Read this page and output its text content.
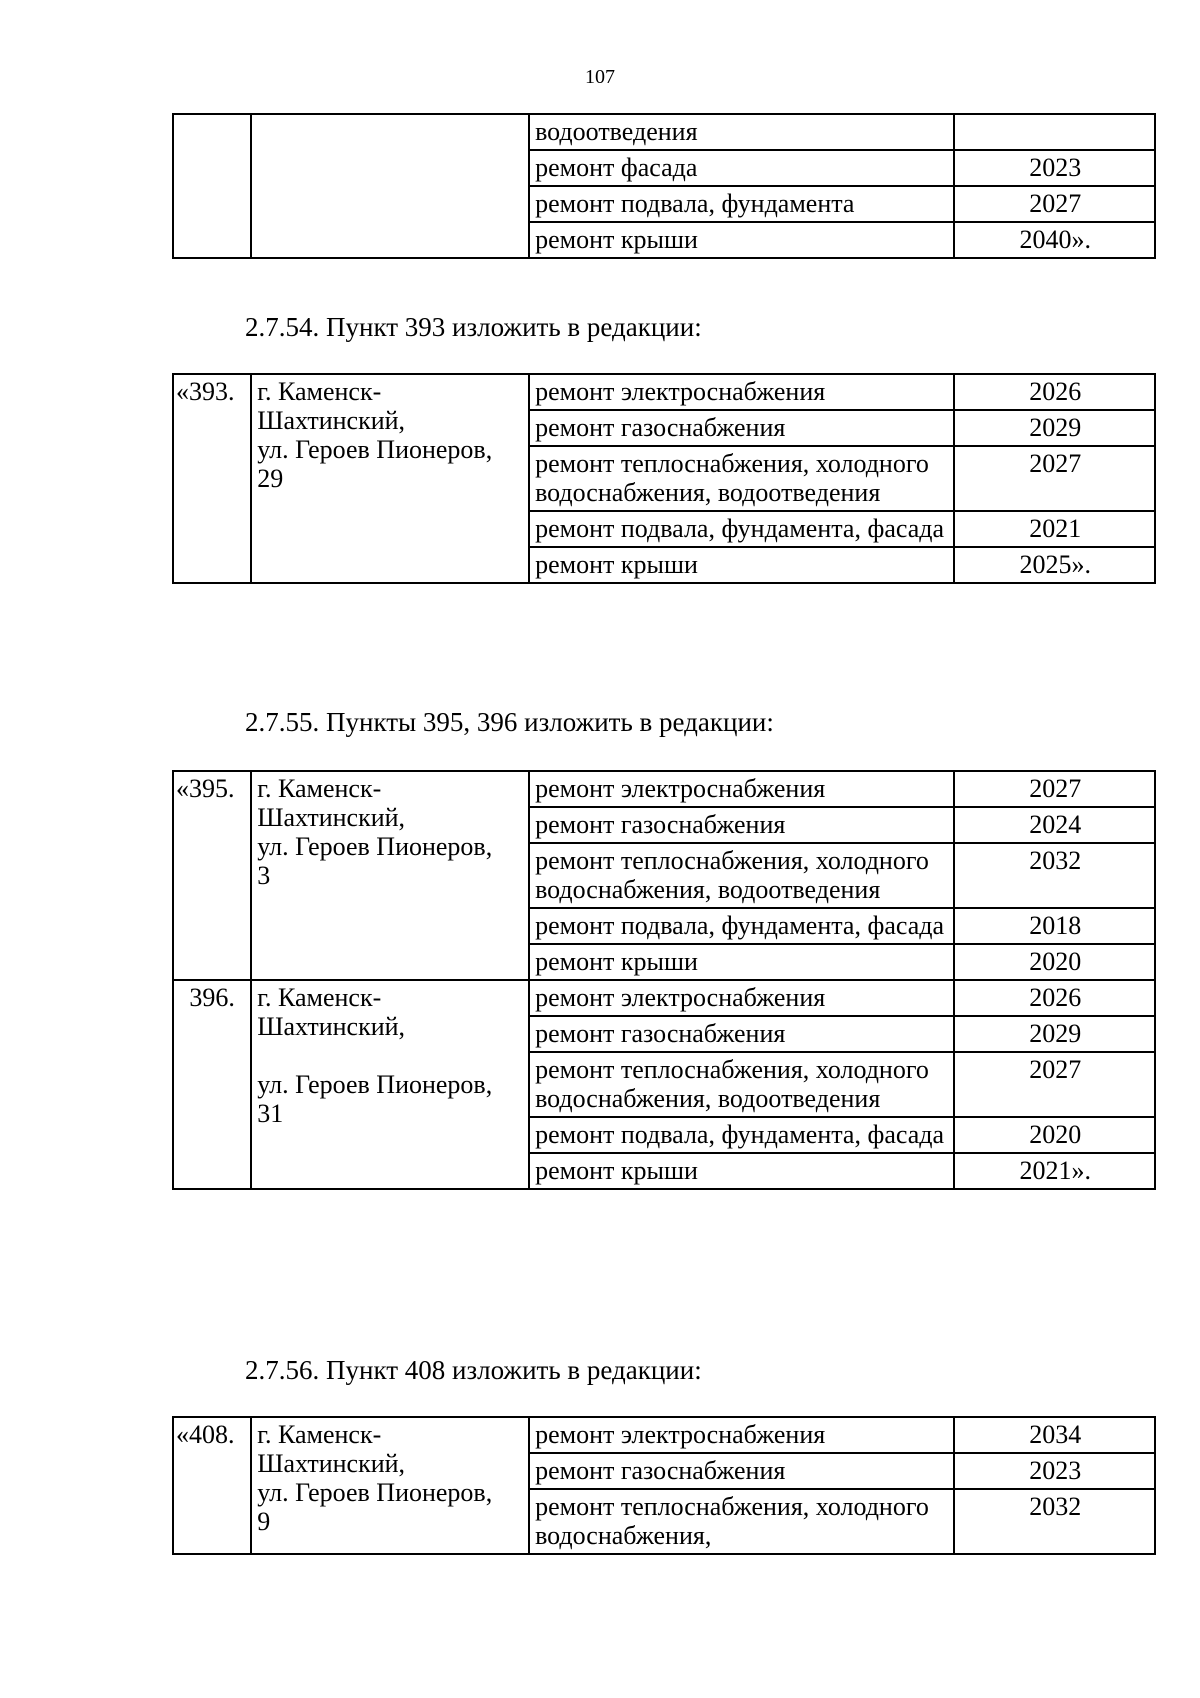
107
		водоотведения	
		ремонт фасада	2023
		ремонт подвала, фундамента	2027
		ремонт крыши	2040».
2.7.54. Пункт 393 изложить в редакции:
«393.	г. Каменск-
Шахтинский,
ул. Героев Пионеров,
29	ремонт электроснабжения	2026
		ремонт газоснабжения	2029
		ремонт теплоснабжения, холодного водоснабжения, водоотведения	2027
		ремонт подвала, фундамента, фасада	2021
		ремонт крыши	2025».
2.7.55. Пункты 395, 396 изложить в редакции:
«395.	г. Каменск-
Шахтинский,
ул. Героев Пионеров,
3	ремонт электроснабжения	2027
		ремонт газоснабжения	2024
		ремонт теплоснабжения, холодного водоснабжения, водоотведения	2032
		ремонт подвала, фундамента, фасада	2018
		ремонт крыши	2020
396.	г. Каменск-
Шахтинский,
ул. Героев Пионеров,
31	ремонт электроснабжения	2026
		ремонт газоснабжения	2029
		ремонт теплоснабжения, холодного водоснабжения, водоотведения	2027
		ремонт подвала, фундамента, фасада	2020
		ремонт крыши	2021».
2.7.56. Пункт 408 изложить в редакции:
«408.	г. Каменск-
Шахтинский,
ул. Героев Пионеров,
9	ремонт электроснабжения	2034
		ремонт газоснабжения	2023
		ремонт теплоснабжения, холодного водоснабжения,	2032
